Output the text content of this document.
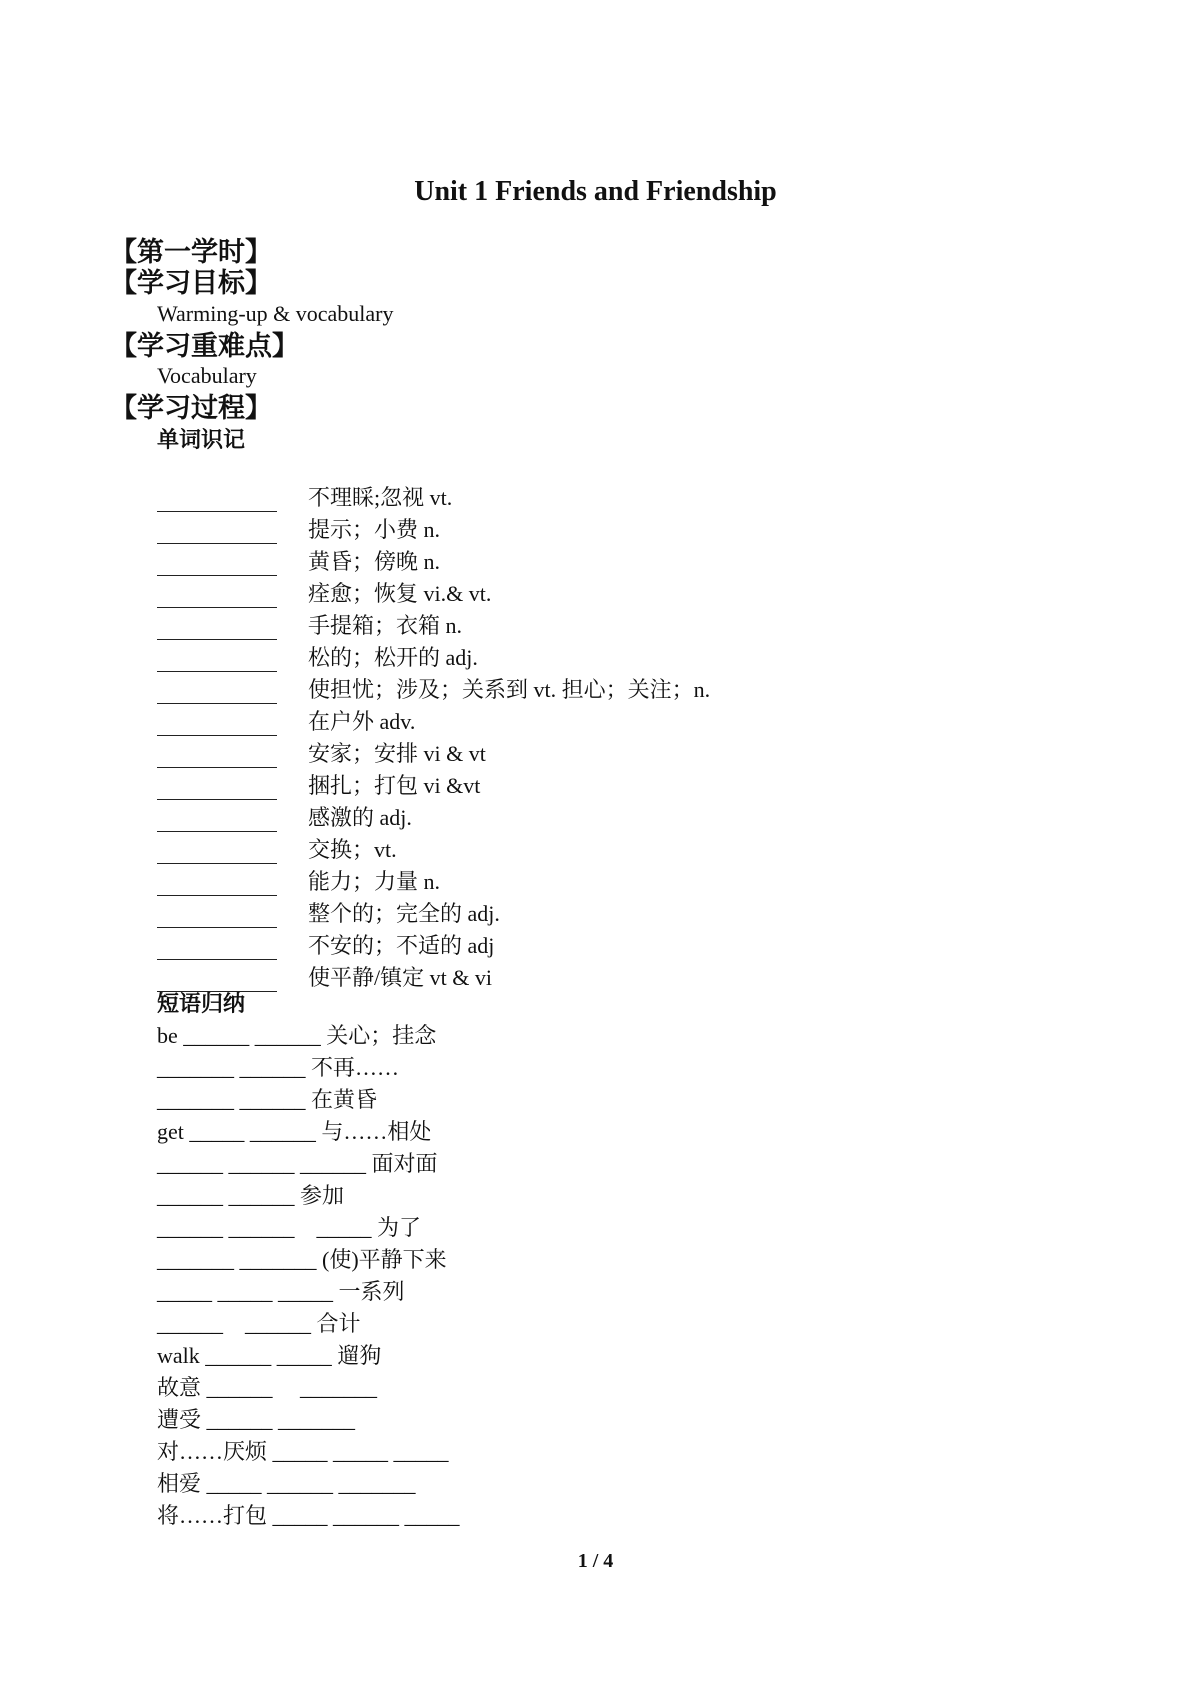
Unit 1 Friends and Friendship
【第一学时】
【学习目标】
Warming-up & vocabulary
【学习重难点】
Vocabulary
【学习过程】
单词识记
不理睬;忽视 vt.
提示；小费 n.
黄昏；傍晚 n.
痊愈；恢复 vi.& vt.
手提箱；衣箱 n.
松的；松开的 adj.
使担忧；涉及；关系到 vt. 担心；关注；n.
在户外 adv.
安家；安排 vi & vt
捆扎；打包 vi &vt
感激的 adj.
交换；vt.
能力；力量 n.
整个的；完全的 adj.
不安的；不适的 adj
使平静/镇定 vt & vi
短语归纳
be ______ ______ 关心；挂念
_______ ______ 不再……
_______ ______ 在黄昏
get _____ ______ 与……相处
______ ______ ______ 面对面
______ ______ 参加
______ ______    _____ 为了
_______ _______ (使)平静下来
_____ _____ _____ 一系列
______    ______ 合计
walk ______ _____ 遛狗
故意 ______     _______
遭受 ______ _______
对……厌烦 _____ _____ _____
相爱 _____ ______ _______
将……打包 _____ ______ _____
1 / 4
